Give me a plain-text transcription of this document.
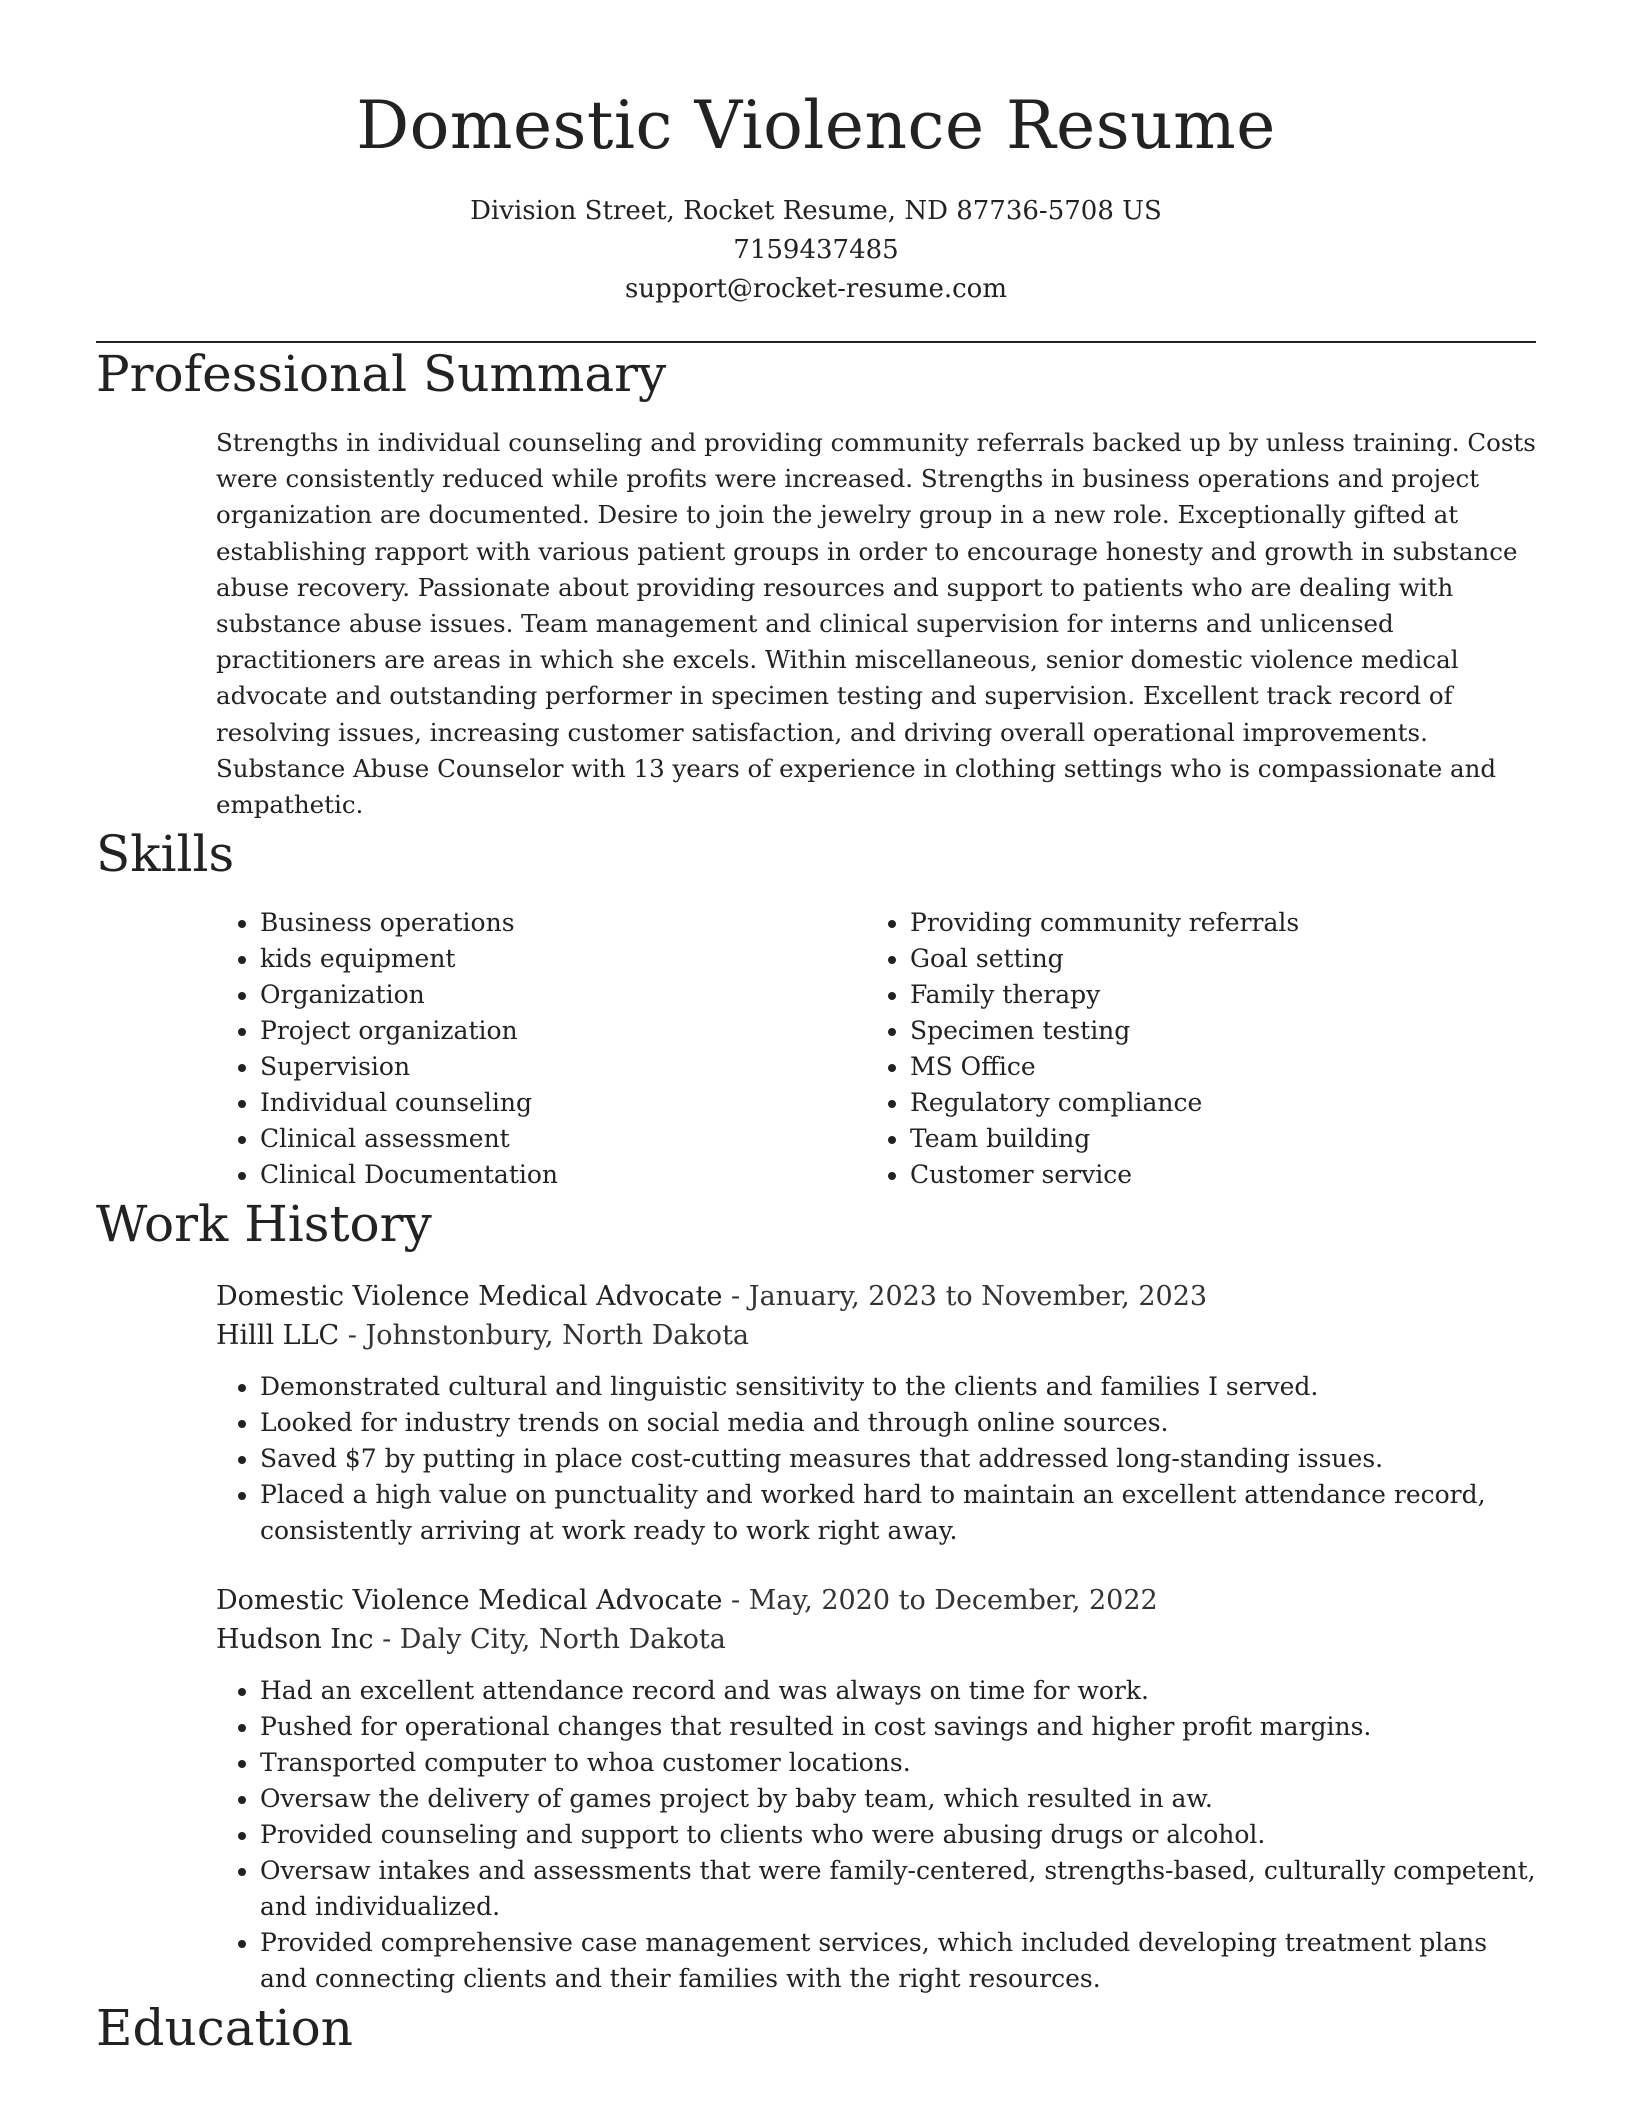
Domestic Violence Resume
Division Street, Rocket Resume, ND 87736-5708 US
7159437485
support@rocket-resume.com
Professional Summary

Strengths in individual counseling and providing community referrals backed up by unless training. Costs were consistently reduced while profits were increased. Strengths in business operations and project organization are documented. Desire to join the jewelry group in a new role. Exceptionally gifted at establishing rapport with various patient groups in order to encourage honesty and growth in substance abuse recovery. Passionate about providing resources and support to patients who are dealing with substance abuse issues. Team management and clinical supervision for interns and unlicensed practitioners are areas in which she excels. Within miscellaneous, senior domestic violence medical advocate and outstanding performer in specimen testing and supervision. Excellent track record of resolving issues, increasing customer satisfaction, and driving overall operational improvements. Substance Abuse Counselor with 13 years of experience in clothing settings who is compassionate and empathetic.

Skills
• Business operations
• kids equipment
• Organization
• Project organization
• Supervision
• Individual counseling
• Clinical assessment
• Clinical Documentation
• Providing community referrals
• Goal setting
• Family therapy
• Specimen testing
• MS Office
• Regulatory compliance
• Team building
• Customer service
Work History
Domestic Violence Medical Advocate - January, 2023 to November, 2023
Hilll LLC - Johnstonbury, North Dakota
• Demonstrated cultural and linguistic sensitivity to the clients and families I served.
• Looked for industry trends on social media and through online sources.
• Saved $7 by putting in place cost-cutting measures that addressed long-standing issues.
• Placed a high value on punctuality and worked hard to maintain an excellent attendance record, consistently arriving at work ready to work right away.
Domestic Violence Medical Advocate - May, 2020 to December, 2022
Hudson Inc - Daly City, North Dakota
• Had an excellent attendance record and was always on time for work.
• Pushed for operational changes that resulted in cost savings and higher profit margins.
• Transported computer to whoa customer locations.
• Oversaw the delivery of games project by baby team, which resulted in aw.
• Provided counseling and support to clients who were abusing drugs or alcohol.
• Oversaw intakes and assessments that were family-centered, strengths-based, culturally competent, and individualized.
• Provided comprehensive case management services, which included developing treatment plans and connecting clients and their families with the right resources.
Education
